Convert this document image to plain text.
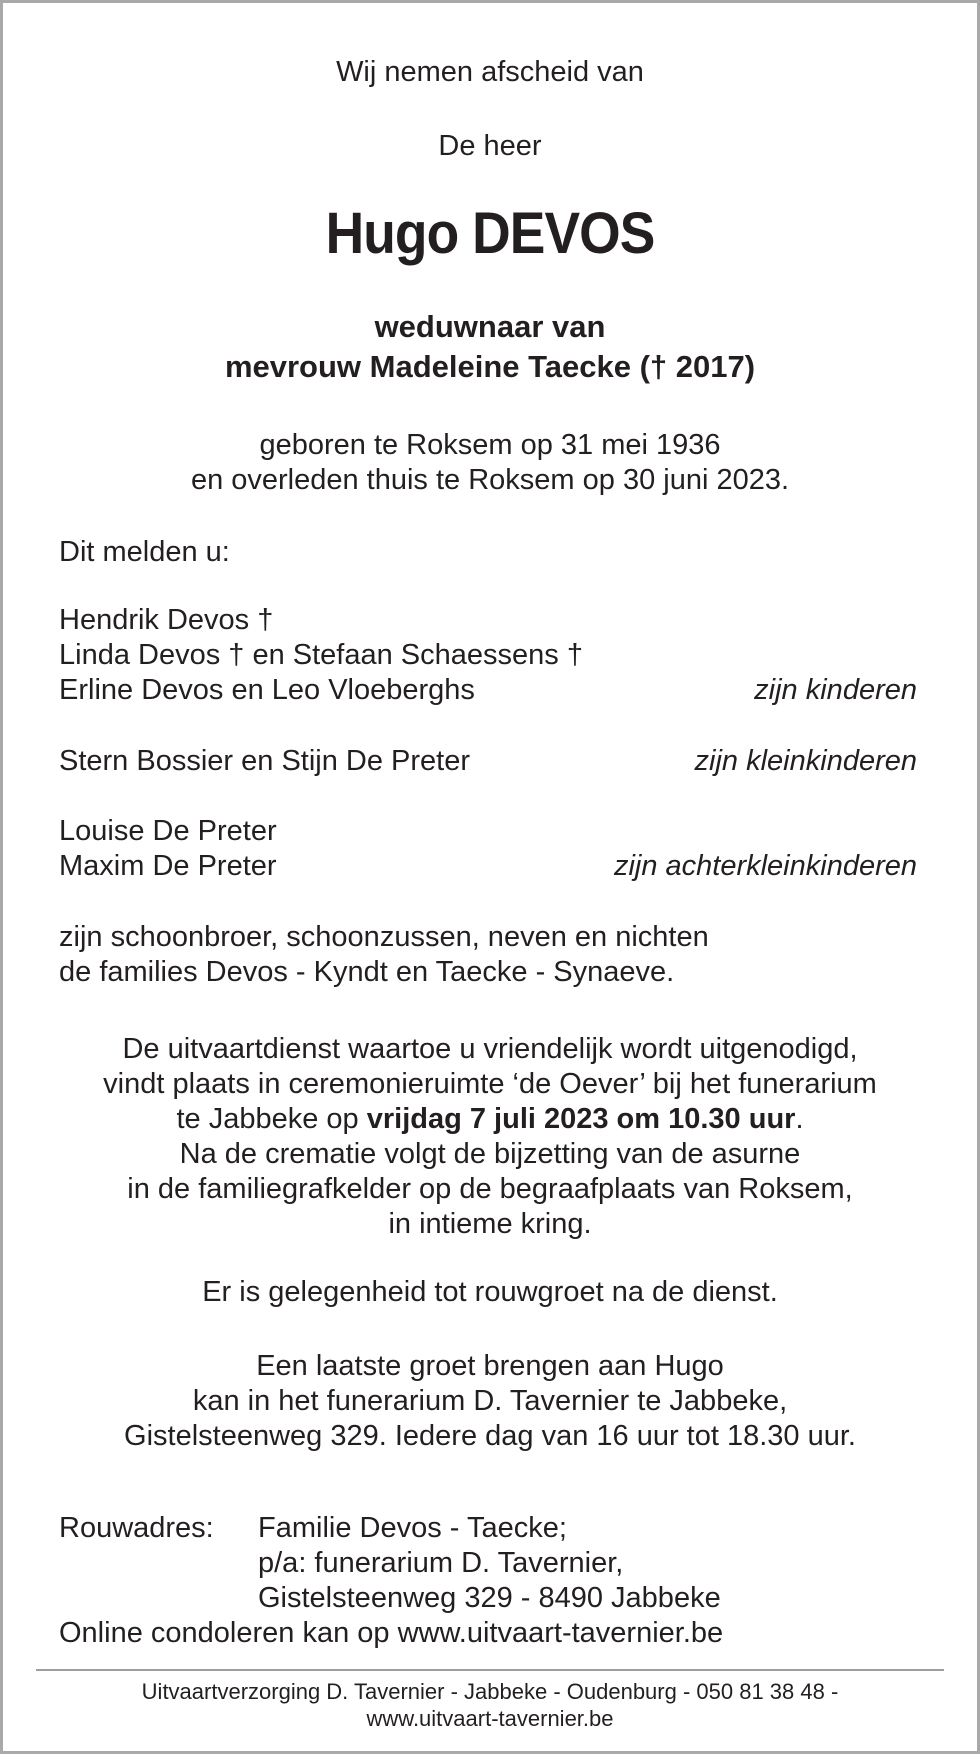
Wij nemen afscheid van

De heer

Hugo DEVOS

weduwnaar van
mevrouw Madeleine Taecke († 2017)
geboren te Roksem op 31 mei 1936
en overleden thuis te Roksem op 30 juni 2023.

Dit melden u:

Hendrik Devos †
Linda Devos † en Stefaan Schaessens †
Erline Devos en Leo Vloeberghs	zijn kinderen
Stern Bossier en Stijn De Preter	zijn kleinkinderen
Louise De Preter
Maxim De Preter	zijn achterkleinkinderen
zijn schoonbroer, schoonzussen, neven en nichten
de families Devos - Kyndt en Taecke - Synaeve.
De uitvaartdienst waartoe u vriendelijk wordt uitgenodigd,
vindt plaats in ceremonieruimte ‘de Oever’ bij het funerarium
te Jabbeke op vrijdag 7 juli 2023 om 10.30 uur.
Na de crematie volgt de bijzetting van de asurne
in de familiegrafkelder op de begraafplaats van Roksem,
in intieme kring.

Er is gelegenheid tot rouwgroet na de dienst.

Een laatste groet brengen aan Hugo
kan in het funerarium D. Tavernier te Jabbeke,
Gistelsteenweg 329. Iedere dag van 16 uur tot 18.30 uur.
Rouwadres:	Familie Devos - Taecke;
p/a: funerarium D. Tavernier,
Gistelsteenweg 329 - 8490 Jabbeke

Online condoleren kan op www.uitvaart-tavernier.be

Uitvaartverzorging D. Tavernier - Jabbeke - Oudenburg - 050 81 38 48 -
www.uitvaart-tavernier.be
